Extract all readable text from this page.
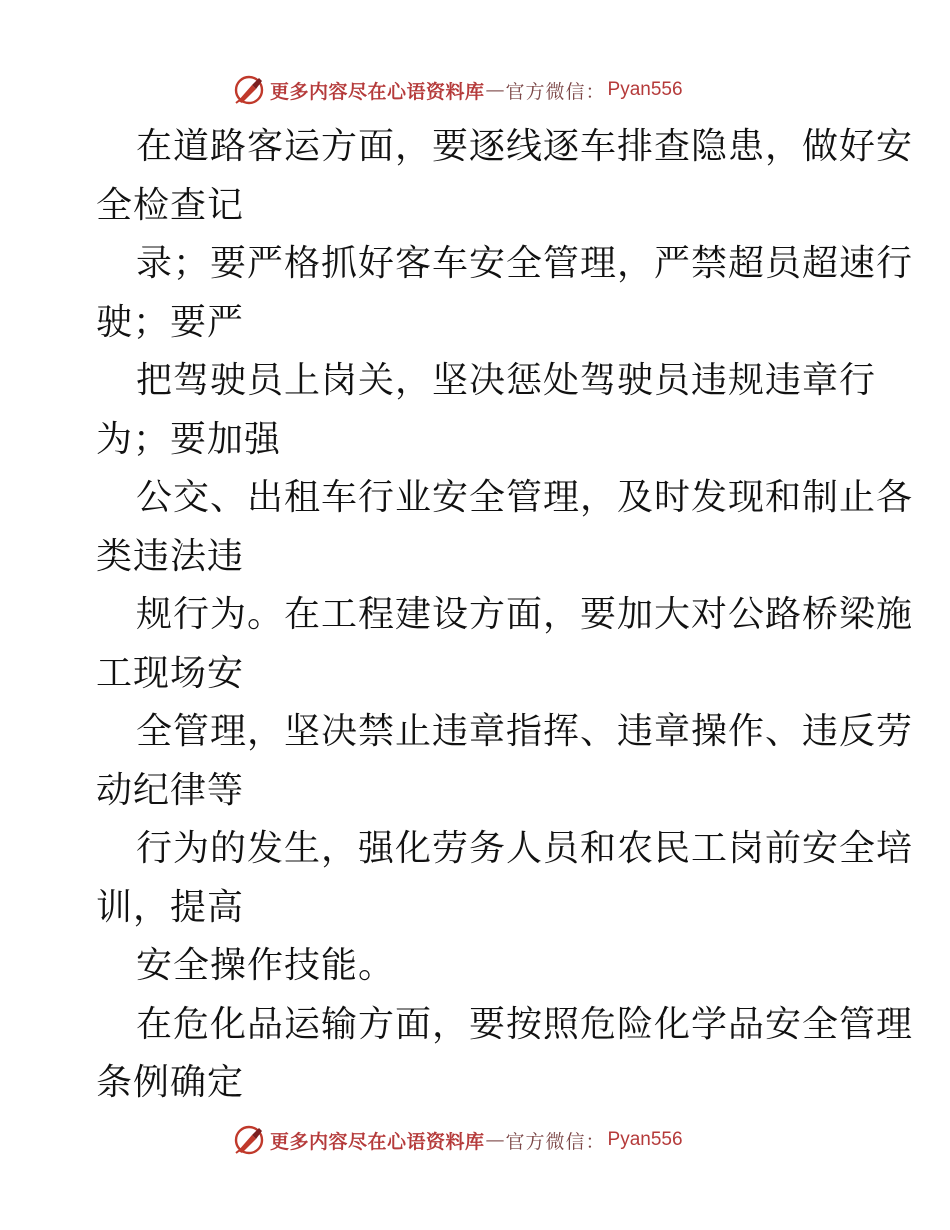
更多内容尽在心语资料库 — 官方微信： Pyan556
在道路客运方面，要逐线逐车排查隐患，做好安
全检查记
录；要严格抓好客车安全管理，严禁超员超速行
驶；要严
把驾驶员上岗关，坚决惩处驾驶员违规违章行
为；要加强
公交、出租车行业安全管理，及时发现和制止各
类违法违
规行为。在工程建设方面，要加大对公路桥梁施
工现场安
全管理，坚决禁止违章指挥、违章操作、违反劳
动纪律等
行为的发生，强化劳务人员和农民工岗前安全培
训，提高
安全操作技能。
在危化品运输方面，要按照危险化学品安全管理
条例确定
更多内容尽在心语资料库 — 官方微信： Pyan556
